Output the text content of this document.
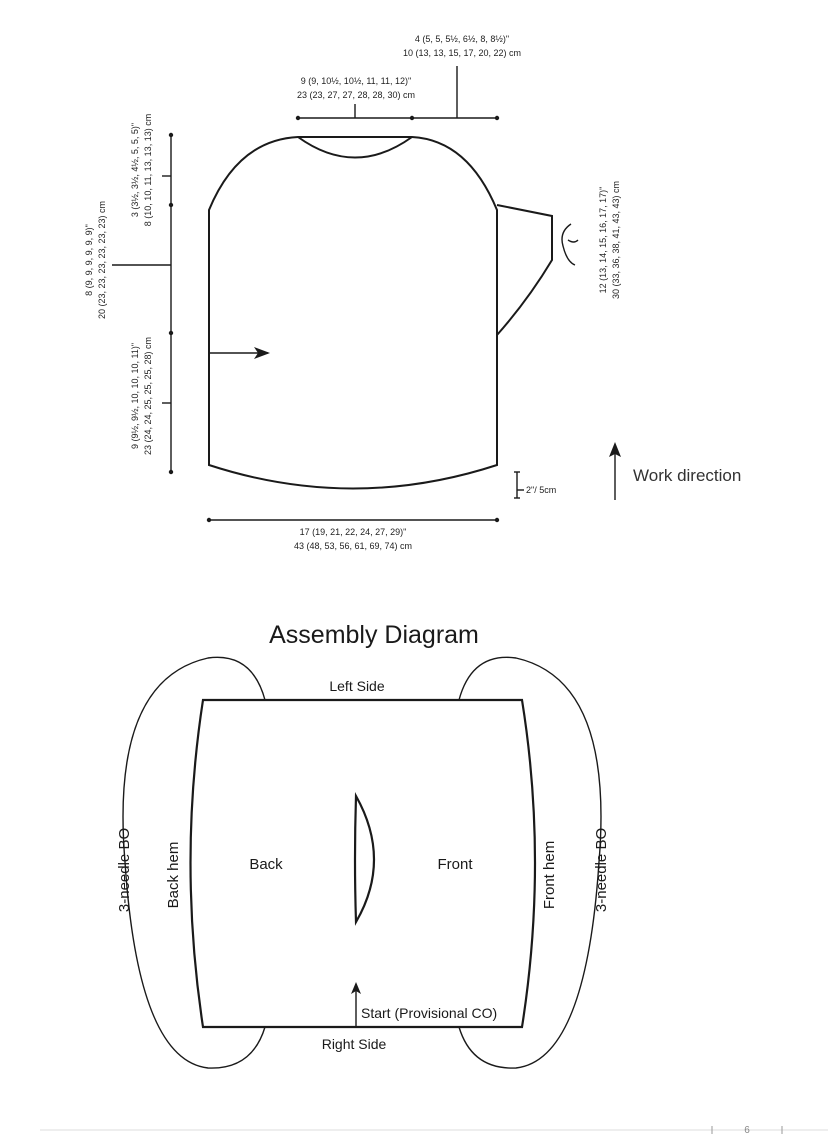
4 (5, 5, 5½, 6½, 8, 8½)"
10 (13, 13, 15, 17, 20, 22) cm
9 (9, 10½, 10½, 11, 11, 12)"
23 (23, 27, 27, 28, 28, 30) cm
3 (3½, 3½, 4½, 5, 5, 5)" 8 (10, 10, 11, 13, 13, 13) cm
8 (9, 9, 9, 9, 9, 9)" 20 (23, 23, 23, 23, 23, 23) cm
9 (9½, 9½, 10, 10, 10, 11)" 23 (24, 24, 25, 25, 25, 28) cm
12 (13, 14, 15, 16, 17, 17)" 30 (33, 36, 38, 41, 43, 43) cm
2"/ 5cm
17 (19, 21, 22, 24, 27, 29)"
43 (48, 53, 56, 61, 69, 74) cm
Work direction
Assembly Diagram
Left Side
Right Side
Back	Front
Start (Provisional CO)
Back hem	Front hem
3-needle BO	3-needle BO
6
